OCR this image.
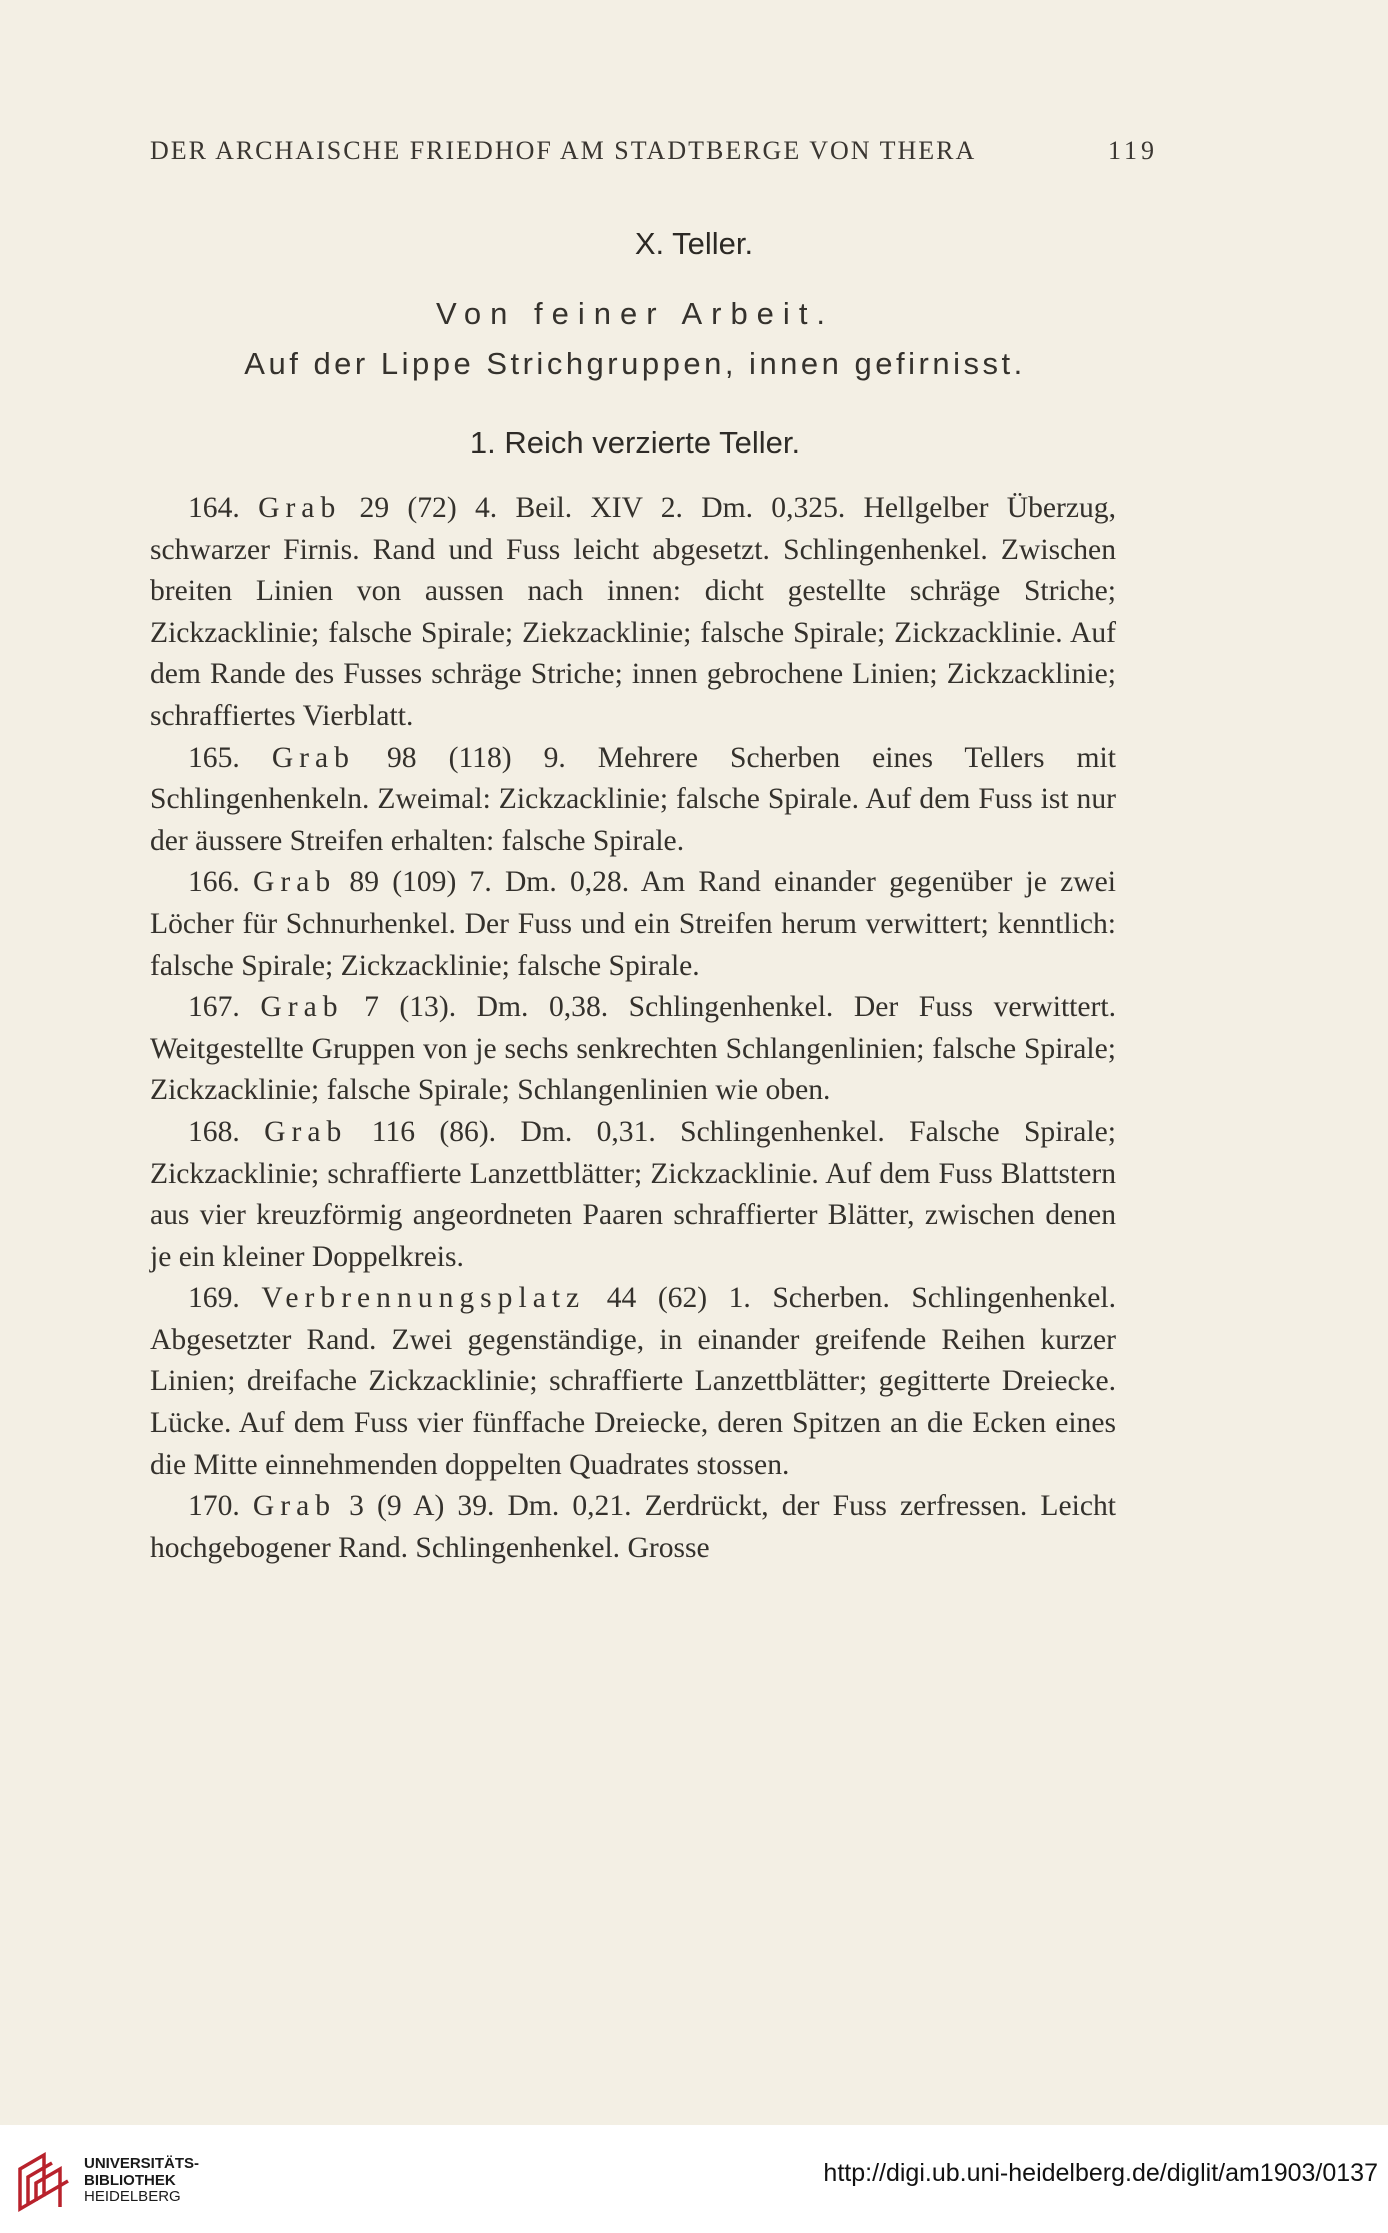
DER ARCHAISCHE FRIEDHOF AM STADTBERGE VON THERA	119
X. Teller.
Von feiner Arbeit.
Auf der Lippe Strichgruppen, innen gefirnisst.
1. Reich verzierte Teller.

164. Grab 29 (72) 4. Beil. XIV 2. Dm. 0,325. Hellgelber Überzug, schwarzer Firnis. Rand und Fuss leicht abgesetzt. Schlingenhenkel. Zwischen breiten Linien von aussen nach innen: dicht gestellte schräge Striche; Zickzacklinie; falsche Spirale; Ziekzacklinie; falsche Spirale; Zickzacklinie. Auf dem Rande des Fusses schräge Striche; innen gebrochene Linien; Zickzacklinie; schraffiertes Vierblatt.

165. Grab 98 (118) 9. Mehrere Scherben eines Tellers mit Schlingenhenkeln. Zweimal: Zickzacklinie; falsche Spirale. Auf dem Fuss ist nur der äussere Streifen erhalten: falsche Spirale.

166. Grab 89 (109) 7. Dm. 0,28. Am Rand einander gegenüber je zwei Löcher für Schnurhenkel. Der Fuss und ein Streifen herum verwittert; kenntlich: falsche Spirale; Zickzacklinie; falsche Spirale.

167. Grab 7 (13). Dm. 0,38. Schlingenhenkel. Der Fuss verwittert. Weitgestellte Gruppen von je sechs senkrechten Schlangenlinien; falsche Spirale; Zickzacklinie; falsche Spirale; Schlangenlinien wie oben.

168. Grab 116 (86). Dm. 0,31. Schlingenhenkel. Falsche Spirale; Zickzacklinie; schraffierte Lanzettblätter; Zickzacklinie. Auf dem Fuss Blattstern aus vier kreuzförmig angeordneten Paaren schraffierter Blätter, zwischen denen je ein kleiner Doppelkreis.

169. Verbrennungsplatz 44 (62) 1. Scherben. Schlingenhenkel. Abgesetzter Rand. Zwei gegenständige, in einander greifende Reihen kurzer Linien; dreifache Zickzacklinie; schraffierte Lanzettblätter; gegitterte Dreiecke. Lücke. Auf dem Fuss vier fünffache Dreiecke, deren Spitzen an die Ecken eines die Mitte einnehmenden doppelten Quadrates stossen.

170. Grab 3 (9 A) 39. Dm. 0,21. Zerdrückt, der Fuss zerfressen. Leicht hochgebogener Rand. Schlingenhenkel. Grosse

UNIVERSITÄTS-
BIBLIOTHEK
HEIDELBERG
http://digi.ub.uni-heidelberg.de/diglit/am1903/0137
